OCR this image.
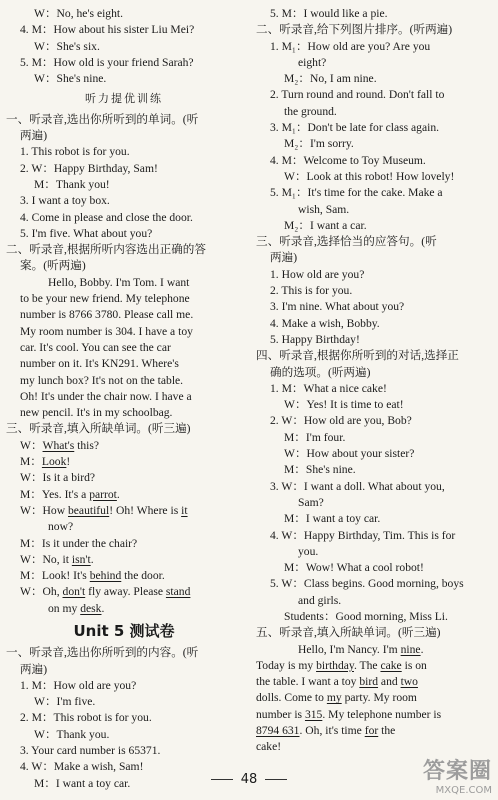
W：No, he's eight.
4. M：How about his sister Liu Mei?
W：She's six.
5. M：How old is your friend Sarah?
W：She's nine.
听力提优训练
一、听录音,选出你所听到的单词。(听
两遍)
1. This robot is for you.
2. W：Happy Birthday, Sam!
M：Thank you!
3. I want a toy box.
4. Come in please and close the door.
5. I'm five. What about you?
二、听录音,根据所听内容选出正确的答
案。(听两遍)
Hello, Bobby. I'm Tom. I want
to be your new friend. My telephone
number is 8766 3780. Please call me.
My room number is 304. I have a toy
car. It's cool. You can see the car
number on it. It's KN291. Where's
my lunch box? It's not on the table.
Oh! It's under the chair now. I have a
new pencil. It's in my schoolbag.
三、听录音,填入所缺单词。(听三遍)
W：What's this?
M：Look!
W：Is it a bird?
M：Yes. It's a parrot.
W：How beautiful! Oh! Where is it
now?
M：Is it under the chair?
W：No, it isn't.
M：Look! It's behind the door.
W：Oh, don't fly away. Please stand
on my desk.
Unit 5 测试卷
一、听录音,选出你所听到的内容。(听
两遍)
1. M：How old are you?
W：I'm five.
2. M：This robot is for you.
W：Thank you.
3. Your card number is 65371.
4. W：Make a wish, Sam!
M：I want a toy car.
5. M：I would like a pie.
二、听录音,给下列图片排序。(听两遍)
1. M₁：How old are you? Are you
eight?
M₂：No, I am nine.
2. Turn round and round. Don't fall to
the ground.
3. M₁：Don't be late for class again.
M₂：I'm sorry.
4. M：Welcome to Toy Museum.
W：Look at this robot! How lovely!
5. M₁：It's time for the cake. Make a
wish, Sam.
M₂：I want a car.
三、听录音,选择恰当的应答句。(听
两遍)
1. How old are you?
2. This is for you.
3. I'm nine. What about you?
4. Make a wish, Bobby.
5. Happy Birthday!
四、听录音,根据你所听到的对话,选择正
确的选项。(听两遍)
1. M：What a nice cake!
W：Yes! It is time to eat!
2. W：How old are you, Bob?
M：I'm four.
W：How about your sister?
M：She's nine.
3. W：I want a doll. What about you,
Sam?
M：I want a toy car.
4. W：Happy Birthday, Tim. This is for
you.
M：Wow! What a cool robot!
5. W：Class begins. Good morning, boys
and girls.
Students：Good morning, Miss Li.
五、听录音,填入所缺单词。(听三遍)
Hello, I'm Nancy. I'm nine.
Today is my birthday. The cake is on
the table. I want a toy bird and two
dolls. Come to my party. My room
number is 315. My telephone number is
8794 631. Oh, it's time for the
cake!
48	答案圈
MXQE.COM
